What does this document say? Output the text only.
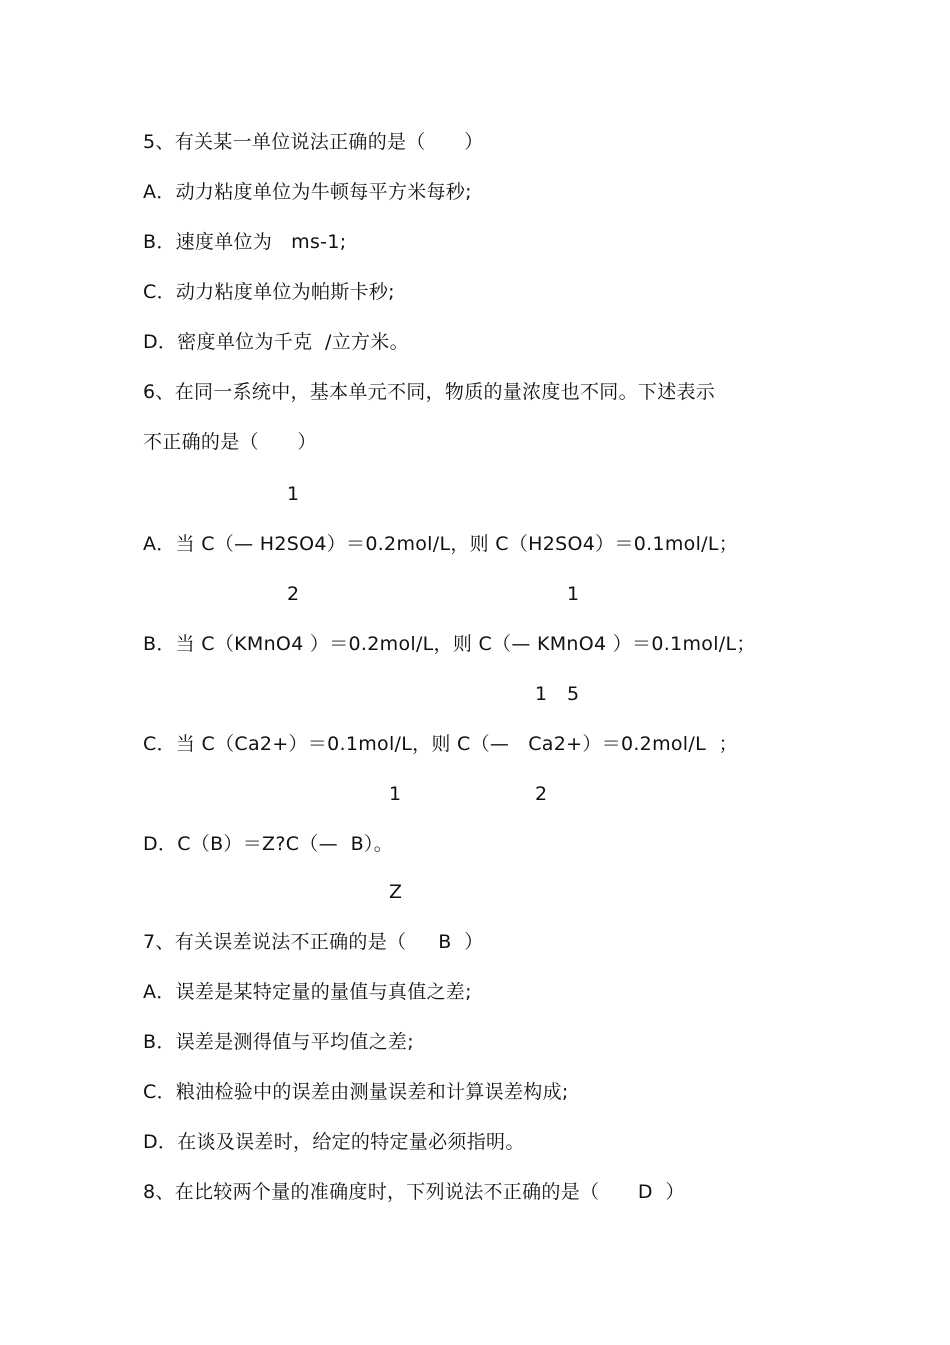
5、有关某一单位说法正确的是（　　）
A．动力粘度单位为牛顿每平方米每秒;
B．速度单位为   ms-1;
C．动力粘度单位为帕斯卡秒;
D．密度单位为千克  /立方米。
6、在同一系统中，基本单元不同，物质的量浓度也不同。下述表示
不正确的是（　　）
1
A．当 C（— H2SO4）＝0.2mol/L，则 C（H2SO4）＝0.1mol/L；
2	1
B．当 C（KMnO4 ）＝0.2mol/L，则 C（— KMnO4 ）＝0.1mol/L；
1 5
C．当 C（Ca2+）＝0.1mol/L，则 C（—   Ca2+）＝0.2mol/L  ；
1	2
D．C（B）＝Z?C（—  B）。
Z
7、有关误差说法不正确的是（　  B  ）
A．误差是某特定量的量值与真值之差;
B．误差是测得值与平均值之差;
C．粮油检验中的误差由测量误差和计算误差构成;
D．在谈及误差时，给定的特定量必须指明。
8、在比较两个量的准确度时，下列说法不正确的是（　　D  ）
